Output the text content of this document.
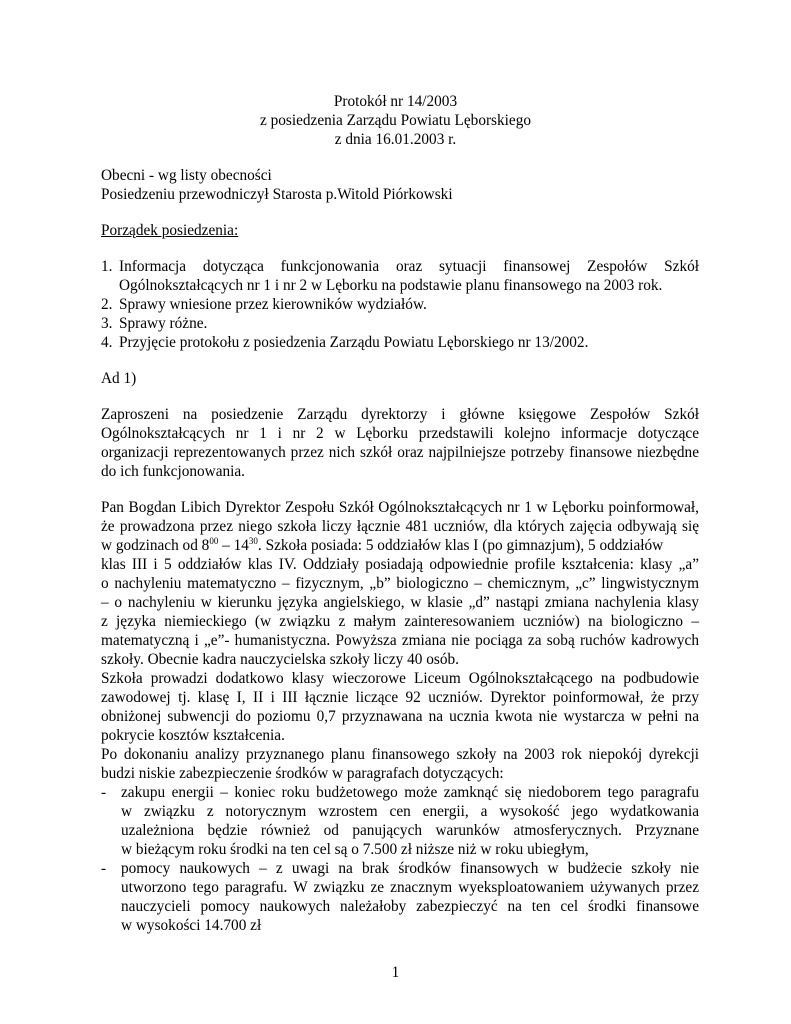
Protokół nr 14/2003
z posiedzenia Zarządu Powiatu Lęborskiego
z dnia 16.01.2003 r.
Obecni - wg listy obecności
Posiedzeniu przewodniczył Starosta p.Witold Piórkowski
Porządek posiedzenia:
1. Informacja dotycząca funkcjonowania oraz sytuacji finansowej Zespołów Szkół
Ogólnokształcących nr 1 i nr 2 w Lęborku na podstawie planu finansowego na 2003 rok.
2. Sprawy wniesione przez kierowników wydziałów.
3. Sprawy różne.
4. Przyjęcie protokołu z posiedzenia Zarządu Powiatu Lęborskiego nr 13/2002.
Ad 1)
Zaproszeni na posiedzenie Zarządu dyrektorzy i główne księgowe Zespołów Szkół
Ogólnokształcących nr 1 i nr 2 w Lęborku przedstawili kolejno informacje dotyczące
organizacji reprezentowanych przez nich szkół oraz najpilniejsze potrzeby finansowe niezbędne
do ich funkcjonowania.
Pan Bogdan Libich Dyrektor Zespołu Szkół Ogólnokształcących nr 1 w Lęborku poinformował,
że prowadzona przez niego szkoła liczy łącznie 481 uczniów, dla których zajęcia odbywają się
w godzinach od $8^{00} - 14^{30}$. Szkoła posiada: 5 oddziałów klas I (po gimnazjum), 5 oddziałów
klas III i 5 oddziałów klas IV. Oddziały posiadają odpowiednie profile kształcenia: klasy „a”
o nachyleniu matematyczno – fizycznym, „b” biologiczno – chemicznym, „c” lingwistycznym
– o nachyleniu w kierunku języka angielskiego, w klasie „d” nastąpi zmiana nachylenia klasy
z języka niemieckiego (w związku z małym zainteresowaniem uczniów) na biologiczno –
matematyczną i „e”- humanistyczna. Powyższa zmiana nie pociąga za sobą ruchów kadrowych
szkoły. Obecnie kadra nauczycielska szkoły liczy 40 osób.
Szkoła prowadzi dodatkowo klasy wieczorowe Liceum Ogólnokształcącego na podbudowie
zawodowej tj. klasę I, II i III łącznie liczące 92 uczniów. Dyrektor poinformował, że przy
obniżonej subwencji do poziomu 0,7 przyznawana na ucznia kwota nie wystarcza w pełni na
pokrycie kosztów kształcenia.
Po dokonaniu analizy przyznanego planu finansowego szkoły na 2003 rok niepokój dyrekcji
budzi niskie zabezpieczenie środków w paragrafach dotyczących:
- zakupu energii – koniec roku budżetowego może zamknąć się niedoborem tego paragrafu
w związku z notorycznym wzrostem cen energii, a wysokość jego wydatkowania
uzależniona będzie również od panujących warunków atmosferycznych. Przyznane
w bieżącym roku środki na ten cel są o 7.500 zł niższe niż w roku ubiegłym,
- pomocy naukowych – z uwagi na brak środków finansowych w budżecie szkoły nie
utworzono tego paragrafu. W związku ze znacznym wyeksploatowaniem używanych przez
nauczycieli pomocy naukowych należałoby zabezpieczyć na ten cel środki finansowe
w wysokości 14.700 zł
1
